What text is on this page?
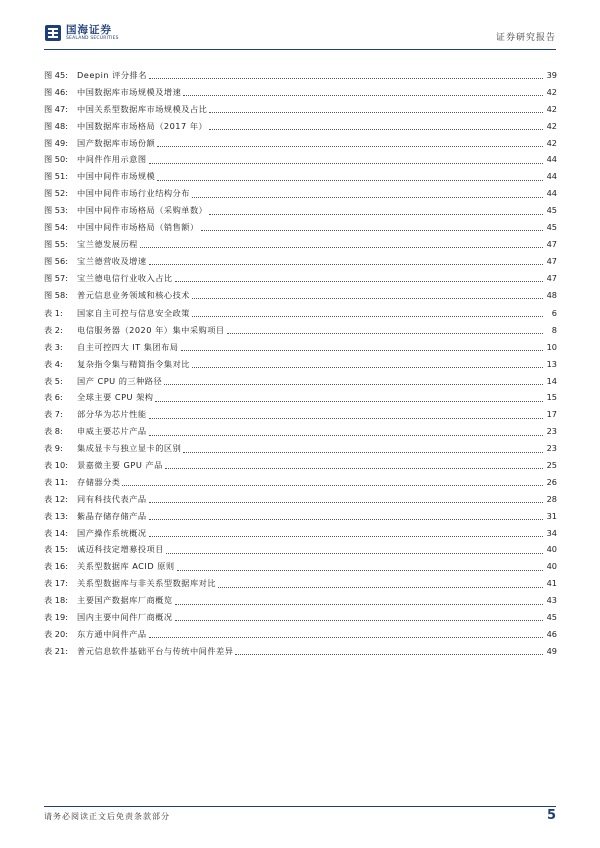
国海证券
SEALAND SECURITIES	证券研究报告
图 45:	Deepin 评分排名	39
图 46:	中国数据库市场规模及增速	42
图 47:	中国关系型数据库市场规模及占比	42
图 48:	中国数据库市场格局（2017 年）	42
图 49:	国产数据库市场份额	42
图 50:	中间件作用示意图	44
图 51:	中国中间件市场规模	44
图 52:	中国中间件市场行业结构分布	44
图 53:	中国中间件市场格局（采购单数）	45
图 54:	中国中间件市场格局（销售额）	45
图 55:	宝兰德发展历程	47
图 56:	宝兰德营收及增速	47
图 57:	宝兰德电信行业收入占比	47
图 58:	普元信息业务领域和核心技术	48
表 1:	国家自主可控与信息安全政策	6
表 2:	电信服务器（2020 年）集中采购项目	8
表 3:	自主可控四大 IT 集团布局	10
表 4:	复杂指令集与精简指令集对比	13
表 5:	国产 CPU 的三种路径	14
表 6:	全球主要 CPU 架构	15
表 7:	部分华为芯片性能	17
表 8:	申威主要芯片产品	23
表 9:	集成显卡与独立显卡的区别	23
表 10:	景嘉微主要 GPU 产品	25
表 11:	存储器分类	26
表 12:	同有科技代表产品	28
表 13:	紫晶存储存储产品	31
表 14:	国产操作系统概况	34
表 15:	诚迈科技定增募投项目	40
表 16:	关系型数据库 ACID 原则	40
表 17:	关系型数据库与非关系型数据库对比	41
表 18:	主要国产数据库厂商概览	43
表 19:	国内主要中间件厂商概况	45
表 20:	东方通中间件产品	46
表 21:	普元信息软件基础平台与传统中间件差异	49
请务必阅读正文后免责条款部分	5
